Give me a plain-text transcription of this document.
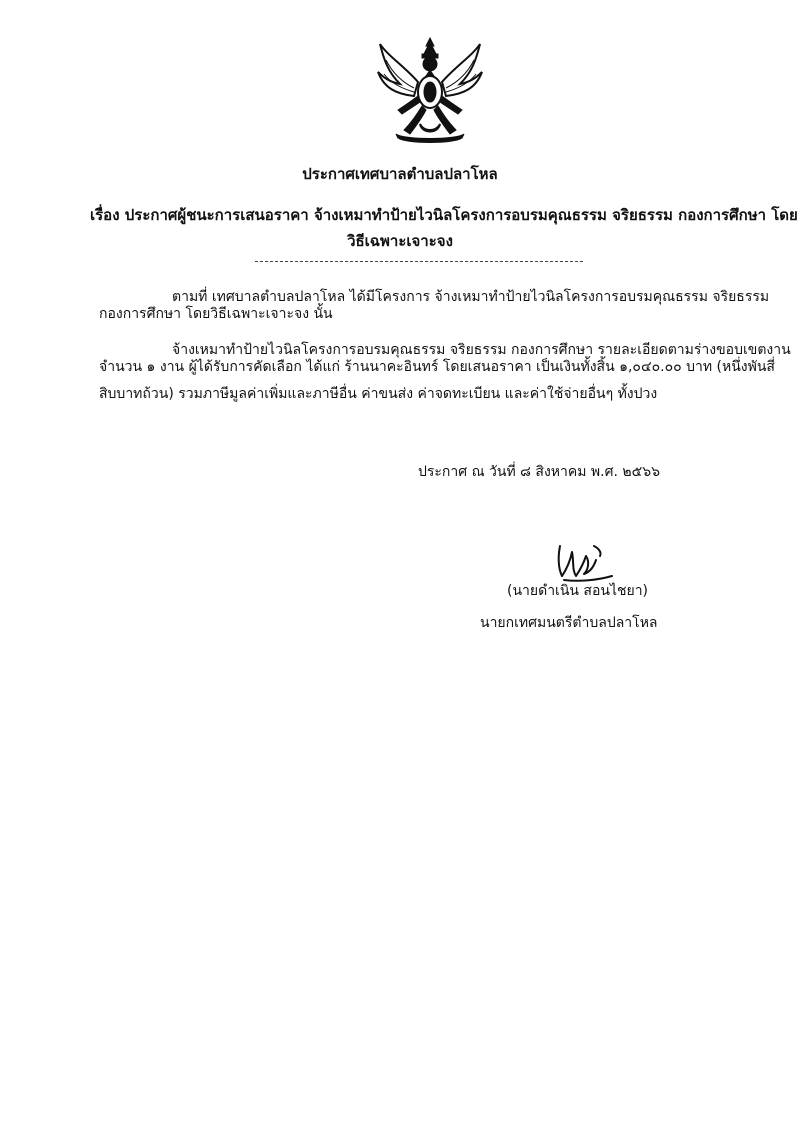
ประกาศเทศบาลตำบลปลาโหล
เรื่อง ประกาศผู้ชนะการเสนอราคา จ้างเหมาทำป้ายไวนิลโครงการอบรมคุณธรรม จริยธรรม กองการศึกษา โดย
วิธีเฉพาะเจาะจง
ตามที่ เทศบาลตำบลปลาโหล ได้มีโครงการ จ้างเหมาทำป้ายไวนิลโครงการอบรมคุณธรรม จริยธรรม
กองการศึกษา โดยวิธีเฉพาะเจาะจง นั้น
จ้างเหมาทำป้ายไวนิลโครงการอบรมคุณธรรม จริยธรรม กองการศึกษา รายละเอียดตามร่างขอบเขตงาน
จำนวน ๑ งาน ผู้ได้รับการคัดเลือก ได้แก่ ร้านนาคะอินทร์ โดยเสนอราคา เป็นเงินทั้งสิ้น ๑,๐๔๐.๐๐ บาท (หนึ่งพันสี่
สิบบาทถ้วน) รวมภาษีมูลค่าเพิ่มและภาษีอื่น ค่าขนส่ง ค่าจดทะเบียน และค่าใช้จ่ายอื่นๆ ทั้งปวง
ประกาศ ณ วันที่ ๘ สิงหาคม พ.ศ. ๒๕๖๖
(นายดำเนิน สอนไชยา)
นายกเทศมนตรีตำบลปลาโหล
